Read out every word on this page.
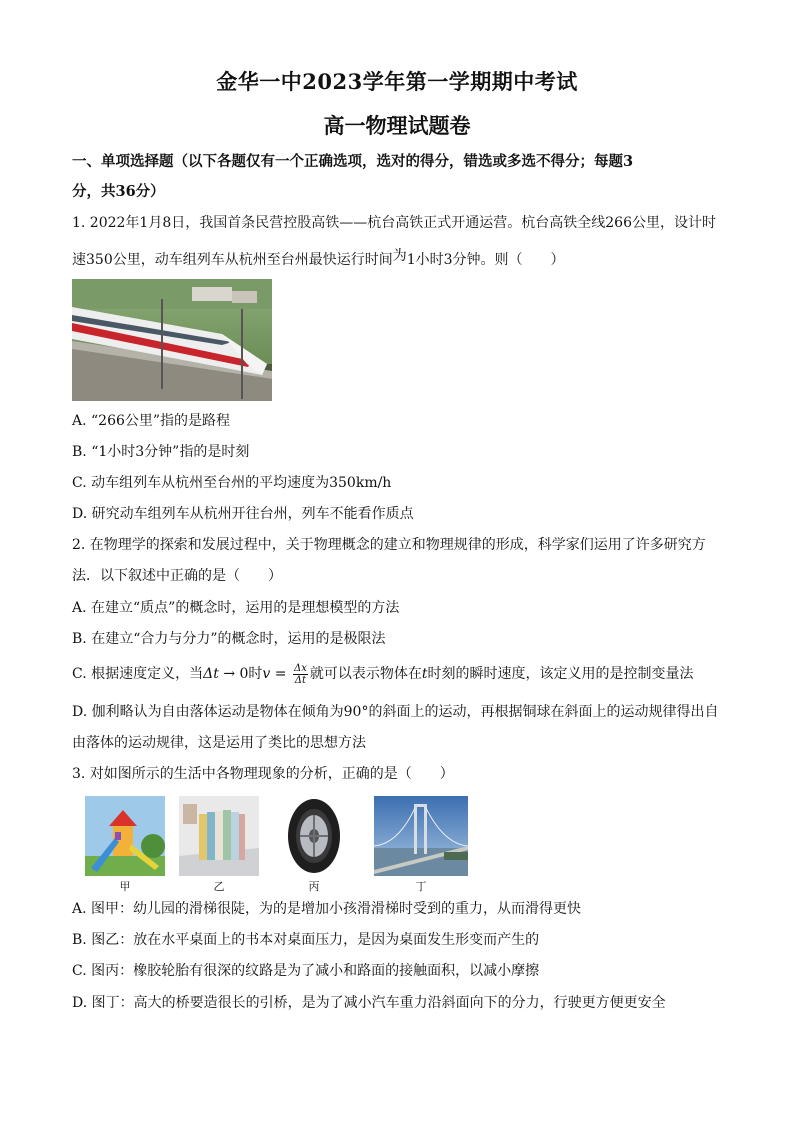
金华一中2023学年第一学期期中考试
高一物理试题卷
一、单项选择题（以下各题仅有一个正确选项，选对的得分，错选或多选不得分；每题3
分，共36分）
1. 2022年1月8日，我国首条民营控股高铁——杭台高铁正式开通运营。杭台高铁全线266公里，设计时
速350公里，动车组列车从杭州至台州最快运行时间为1小时3分钟。则（　　）
A. “266公里”指的是路程
B. “1小时3分钟”指的是时刻
C. 动车组列车从杭州至台州的平均速度为350km/h
D. 研究动车组列车从杭州开往台州，列车不能看作质点
2. 在物理学的探索和发展过程中，关于物理概念的建立和物理规律的形成，科学家们运用了许多研究方
法．以下叙述中正确的是（　　）
A. 在建立“质点”的概念时，运用的是理想模型的方法
B. 在建立“合力与分力”的概念时，运用的是极限法
C. 根据速度定义，当Δt → 0时$v = \frac{\Delta x}{\Delta t}$ 就可以表示物体在t时刻的瞬时速度，该定义用的是控制变量法
D. 伽利略认为自由落体运动是物体在倾角为90°的斜面上的运动，再根据铜球在斜面上的运动规律得出自
由落体的运动规律，这是运用了类比的思想方法
3. 对如图所示的生活中各物理现象的分析，正确的是（　　）
甲	乙	丙	丁
A. 图甲：幼儿园的滑梯很陡，为的是增加小孩滑滑梯时受到的重力，从而滑得更快
B. 图乙：放在水平桌面上的书本对桌面压力，是因为桌面发生形变而产生的
C. 图丙：橡胶轮胎有很深的纹路是为了减小和路面的接触面积，以减小摩擦
D. 图丁：高大的桥要造很长的引桥，是为了减小汽车重力沿斜面向下的分力，行驶更方便更安全
